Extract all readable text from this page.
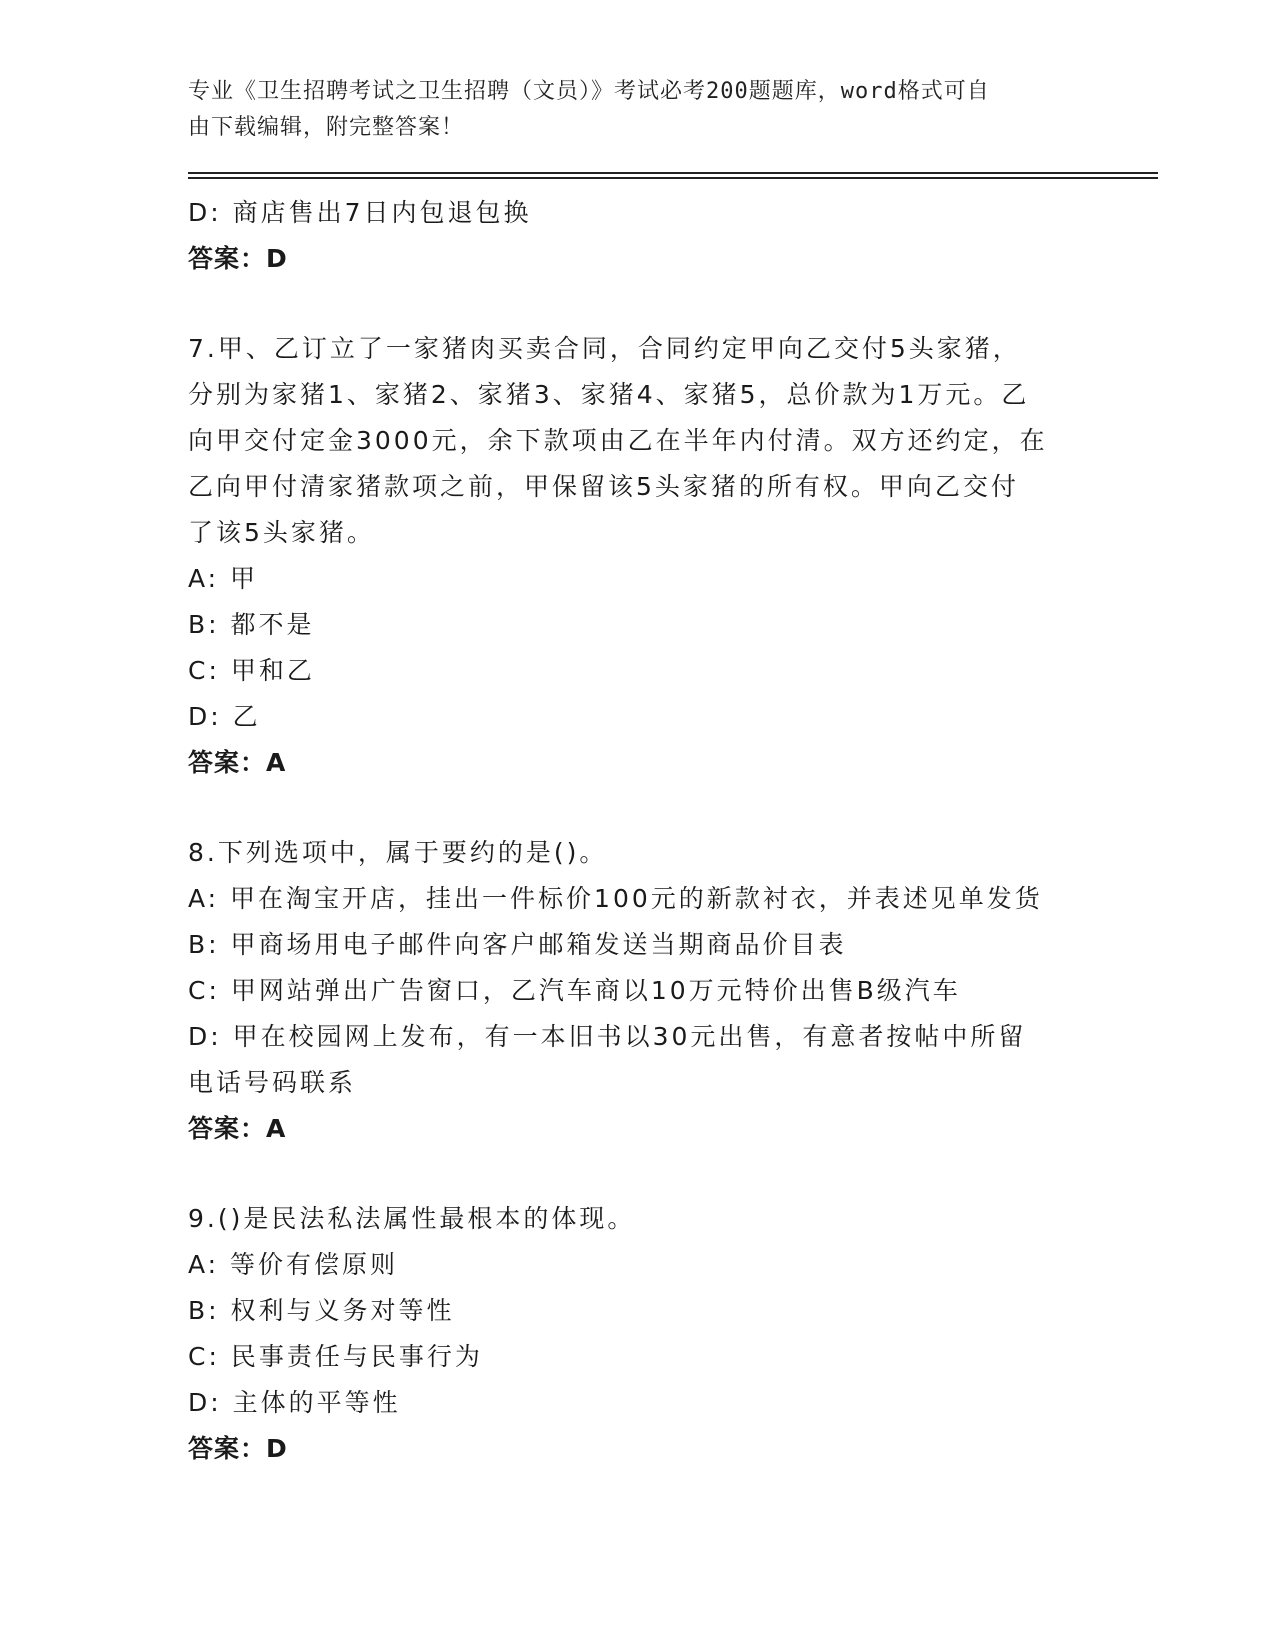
专业《卫生招聘考试之卫生招聘（文员）》考试必考200题题库，word格式可自
由下载编辑，附完整答案！
D: 商店售出7日内包退包换
答案：D
7.甲、乙订立了一家猪肉买卖合同，合同约定甲向乙交付5头家猪，
分别为家猪1、家猪2、家猪3、家猪4、家猪5，总价款为1万元。乙
向甲交付定金3000元，余下款项由乙在半年内付清。双方还约定，在
乙向甲付清家猪款项之前，甲保留该5头家猪的所有权。甲向乙交付
了该5头家猪。
A: 甲
B: 都不是
C: 甲和乙
D: 乙
答案：A
8.下列选项中，属于要约的是()。
A: 甲在淘宝开店，挂出一件标价100元的新款衬衣，并表述见单发货
B: 甲商场用电子邮件向客户邮箱发送当期商品价目表
C: 甲网站弹出广告窗口，乙汽车商以10万元特价出售B级汽车
D: 甲在校园网上发布，有一本旧书以30元出售，有意者按帖中所留
电话号码联系
答案：A
9.()是民法私法属性最根本的体现。
A: 等价有偿原则
B: 权利与义务对等性
C: 民事责任与民事行为
D: 主体的平等性
答案：D
